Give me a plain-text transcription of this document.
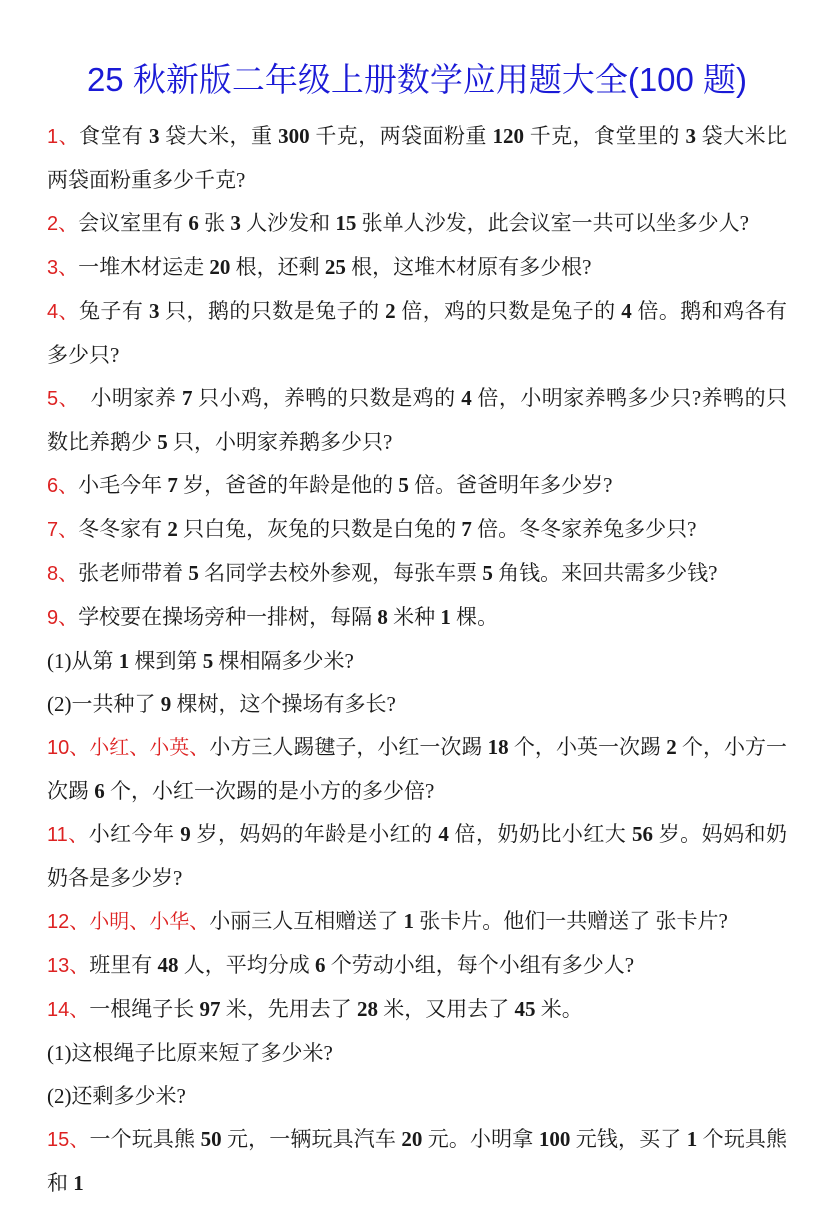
25 秋新版二年级上册数学应用题大全(100 题)

1、食堂有 3 袋大米，重 300 千克，两袋面粉重 120 千克，食堂里的 3 袋大米比两袋面粉重多少千克?

2、会议室里有 6 张 3 人沙发和 15 张单人沙发，此会议室一共可以坐多少人?

3、一堆木材运走 20 根，还剩 25 根，这堆木材原有多少根?

4、兔子有 3 只，鹅的只数是兔子的 2 倍，鸡的只数是兔子的 4 倍。鹅和鸡各有多少只?

5、　小明家养 7 只小鸡，养鸭的只数是鸡的 4 倍，小明家养鸭多少只?养鸭的只数比养鹅少 5 只，小明家养鹅多少只?

6、小毛今年 7 岁，爸爸的年龄是他的 5 倍。爸爸明年多少岁?

7、冬冬家有 2 只白兔，灰兔的只数是白兔的 7 倍。冬冬家养兔多少只?

8、张老师带着 5 名同学去校外参观，每张车票 5 角钱。来回共需多少钱?

9、学校要在操场旁种一排树，每隔 8 米种 1 棵。

(1)从第 1 棵到第 5 棵相隔多少米?

(2)一共种了 9 棵树，这个操场有多长?

10、小红、小英、小方三人踢毽子，小红一次踢 18 个，小英一次踢 2 个，小方一次踢 6 个，小红一次踢的是小方的多少倍?

11、小红今年 9 岁，妈妈的年龄是小红的 4 倍，奶奶比小红大 56 岁。妈妈和奶奶各是多少岁?

12、小明、小华、小丽三人互相赠送了 1 张卡片。他们一共赠送了 张卡片?

13、班里有 48 人，平均分成 6 个劳动小组，每个小组有多少人?

14、一根绳子长 97 米，先用去了 28 米，又用去了 45 米。

(1)这根绳子比原来短了多少米?

(2)还剩多少米?

15、一个玩具熊 50 元，一辆玩具汽车 20 元。小明拿 100 元钱，买了 1 个玩具熊和 1
